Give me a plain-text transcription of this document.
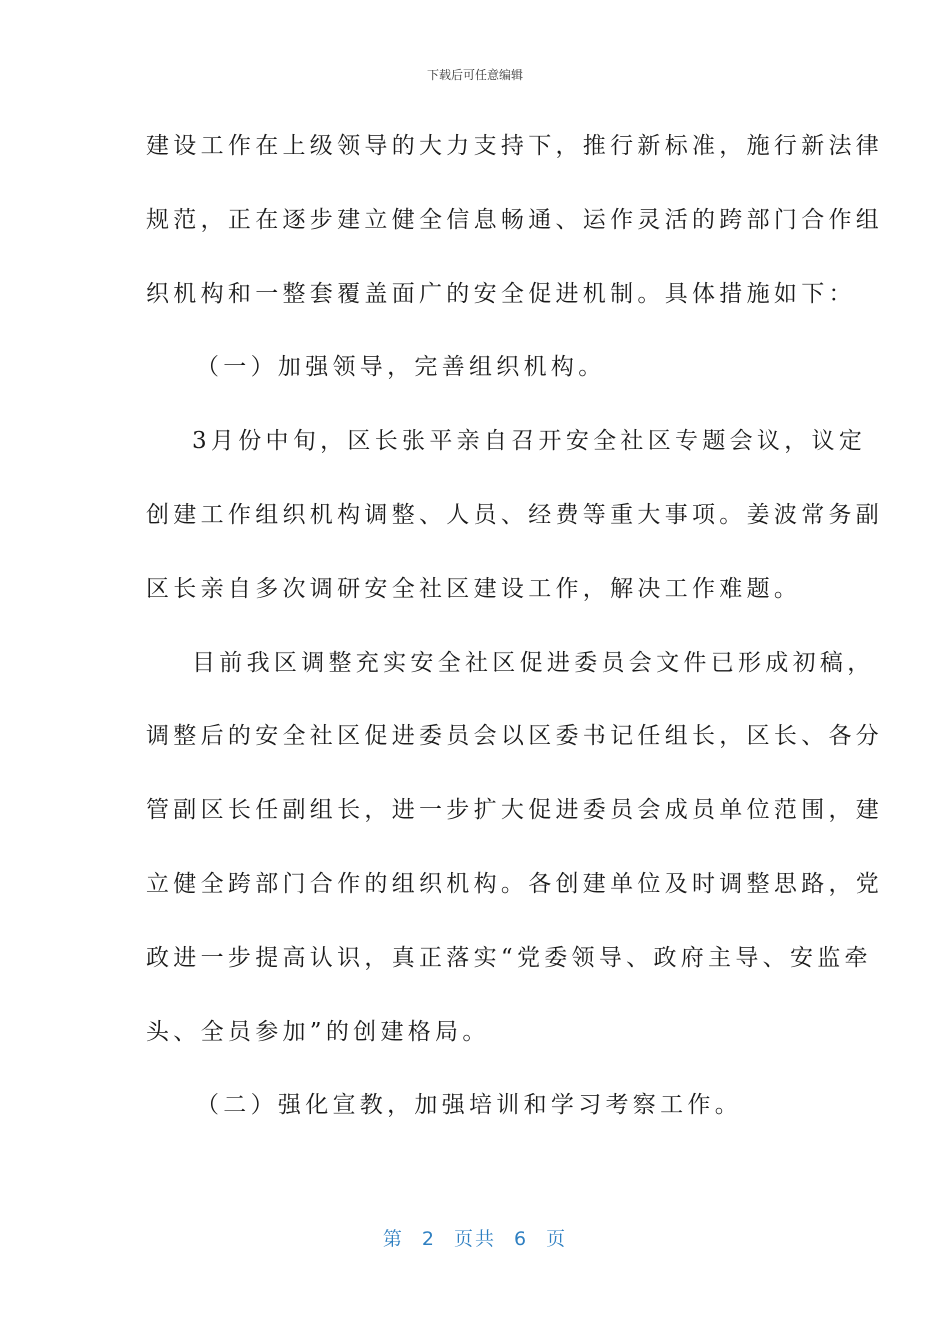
下载后可任意编辑
建设工作在上级领导的大力支持下，推行新标准，施行新法律
规范，正在逐步建立健全信息畅通、运作灵活的跨部门合作组
织机构和一整套覆盖面广的安全促进机制。具体措施如下：
（一）加强领导，完善组织机构。
3月份中旬，区长张平亲自召开安全社区专题会议，议定
创建工作组织机构调整、人员、经费等重大事项。姜波常务副
区长亲自多次调研安全社区建设工作，解决工作难题。
目前我区调整充实安全社区促进委员会文件已形成初稿，
调整后的安全社区促进委员会以区委书记任组长，区长、各分
管副区长任副组长，进一步扩大促进委员会成员单位范围，建
立健全跨部门合作的组织机构。各创建单位及时调整思路，党
政进一步提高认识，真正落实“党委领导、政府主导、安监牵
头、全员参加”的创建格局。
（二）强化宣教，加强培训和学习考察工作。
第 2 页共 6 页
